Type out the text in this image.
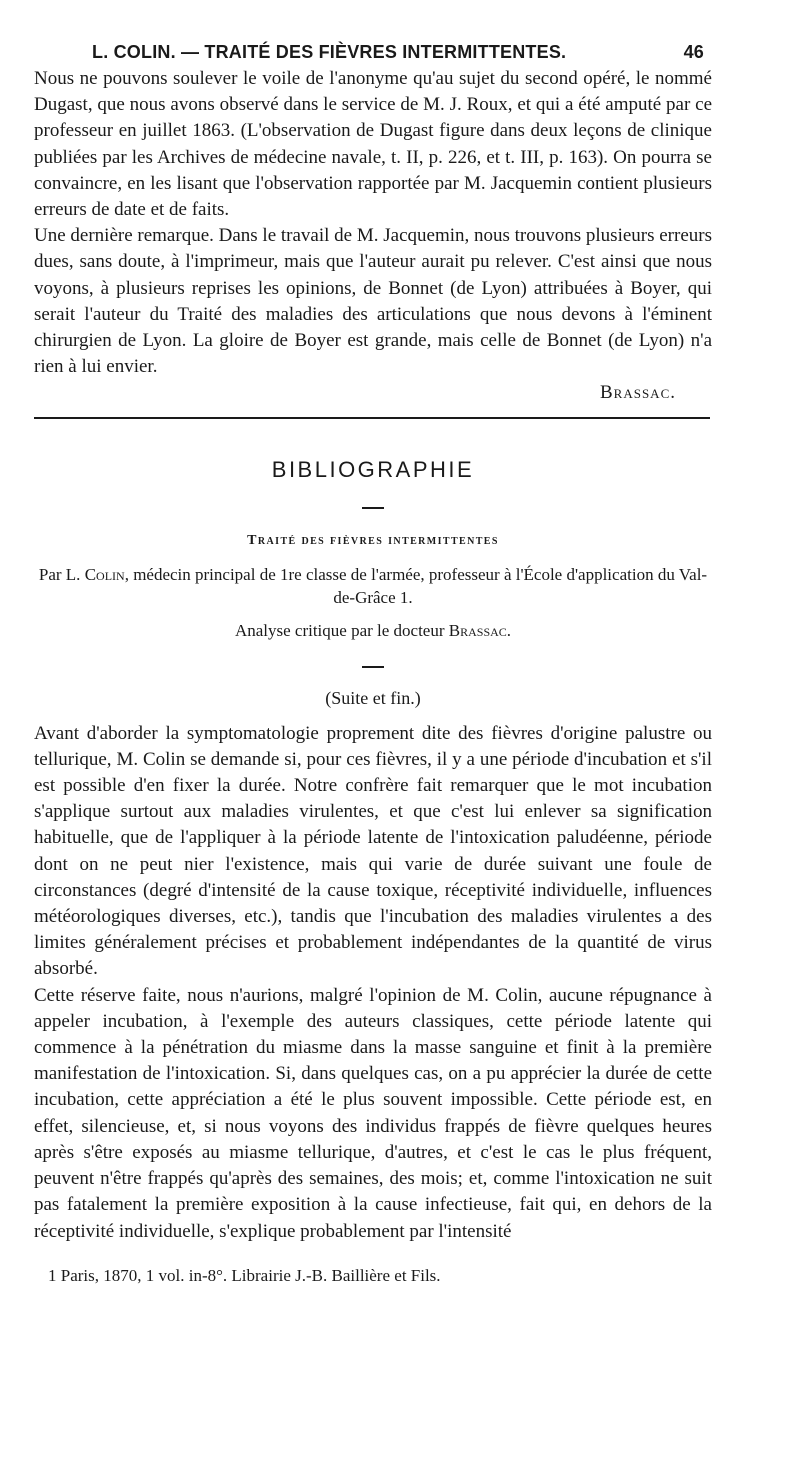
L. COLIN. — TRAITÉ DES FIÈVRES INTERMITTENTES.	46

Nous ne pouvons soulever le voile de l'anonyme qu'au sujet du second opéré, le nommé Dugast, que nous avons observé dans le service de M. J. Roux, et qui a été amputé par ce professeur en juillet 1863. (L'observation de Dugast figure dans deux leçons de clinique publiées par les Archives de médecine navale, t. II, p. 226, et t. III, p. 163). On pourra se convaincre, en les lisant que l'observation rapportée par M. Jacquemin contient plusieurs erreurs de date et de faits.

Une dernière remarque. Dans le travail de M. Jacquemin, nous trouvons plusieurs erreurs dues, sans doute, à l'imprimeur, mais que l'auteur aurait pu relever. C'est ainsi que nous voyons, à plusieurs reprises les opinions, de Bonnet (de Lyon) attribuées à Boyer, qui serait l'auteur du Traité des maladies des articulations que nous devons à l'éminent chirurgien de Lyon. La gloire de Boyer est grande, mais celle de Bonnet (de Lyon) n'a rien à lui envier.

Brassac.
BIBLIOGRAPHIE
Traité des fièvres intermittentes
Par L. Colin, médecin principal de 1re classe de l'armée, professeur à l'École d'application du Val-de-Grâce 1.
Analyse critique par le docteur Brassac.
(Suite et fin.)

Avant d'aborder la symptomatologie proprement dite des fièvres d'origine palustre ou tellurique, M. Colin se demande si, pour ces fièvres, il y a une période d'incubation et s'il est possible d'en fixer la durée. Notre confrère fait remarquer que le mot incubation s'applique surtout aux maladies virulentes, et que c'est lui enlever sa signification habituelle, que de l'appliquer à la période latente de l'intoxication paludéenne, période dont on ne peut nier l'existence, mais qui varie de durée suivant une foule de circonstances (degré d'intensité de la cause toxique, réceptivité individuelle, influences météorologiques diverses, etc.), tandis que l'incubation des maladies virulentes a des limites généralement précises et probablement indépendantes de la quantité de virus absorbé.

Cette réserve faite, nous n'aurions, malgré l'opinion de M. Colin, aucune répugnance à appeler incubation, à l'exemple des auteurs classiques, cette période latente qui commence à la pénétration du miasme dans la masse sanguine et finit à la première manifestation de l'intoxication. Si, dans quelques cas, on a pu apprécier la durée de cette incubation, cette appréciation a été le plus souvent impossible. Cette période est, en effet, silencieuse, et, si nous voyons des individus frappés de fièvre quelques heures après s'être exposés au miasme tellurique, d'autres, et c'est le cas le plus fréquent, peuvent n'être frappés qu'après des semaines, des mois; et, comme l'intoxication ne suit pas fatalement la première exposition à la cause infectieuse, fait qui, en dehors de la réceptivité individuelle, s'explique probablement par l'intensité

1 Paris, 1870, 1 vol. in-8°. Librairie J.-B. Baillière et Fils.
